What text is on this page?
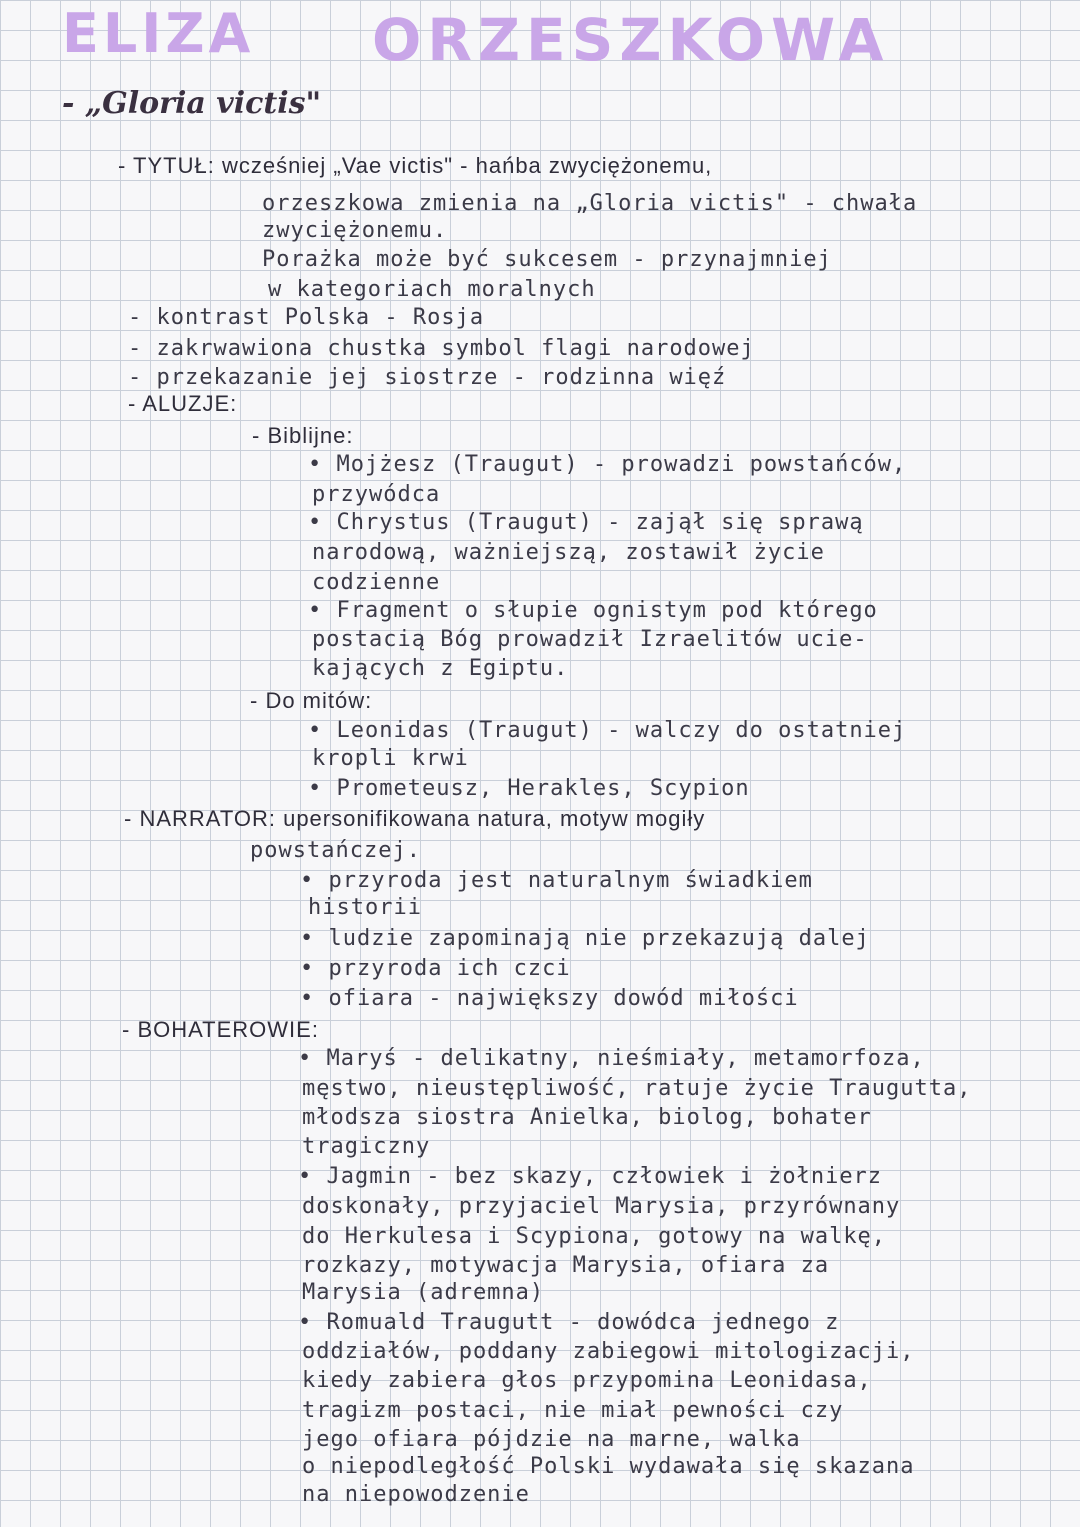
ELIZA ORZESZKOWA
- „Gloria victis"
- TYTUŁ: wcześniej „Vae victis" - hańba zwyciężonemu,
orzeszkowa zmienia na „Gloria victis" - chwała
zwyciężonemu.
Porażka może być sukcesem - przynajmniej
w kategoriach moralnych
- kontrast Polska - Rosja
- zakrwawiona chustka symbol flagi narodowej
- przekazanie jej siostrze - rodzinna więź
- ALUZJE:
- Biblijne:
• Mojżesz (Traugut) - prowadzi powstańców,
przywódca
• Chrystus (Traugut) - zajął się sprawą
narodową, ważniejszą, zostawił życie
codzienne
• Fragment o słupie ognistym pod którego
postacią Bóg prowadził Izraelitów ucie-
kających z Egiptu.
- Do mitów:
• Leonidas (Traugut) - walczy do ostatniej
kropli krwi
• Prometeusz, Herakles, Scypion
- NARRATOR: upersonifikowana natura, motyw mogiły
powstańczej.
• przyroda jest naturalnym świadkiem
historii
• ludzie zapominają nie przekazują dalej
• przyroda ich czci
• ofiara - największy dowód miłości
- BOHATEROWIE:
• Maryś - delikatny, nieśmiały, metamorfoza,
męstwo, nieustępliwość, ratuje życie Traugutta,
młodsza siostra Anielka, biolog, bohater
tragiczny
• Jagmin - bez skazy, człowiek i żołnierz
doskonały, przyjaciel Marysia, przyrównany
do Herkulesa i Scypiona, gotowy na walkę,
rozkazy, motywacja Marysia, ofiara za
Marysia (adremna)
• Romuald Traugutt - dowódca jednego z
oddziałów, poddany zabiegowi mitologizacji,
kiedy zabiera głos przypomina Leonidasa,
tragizm postaci, nie miał pewności czy
jego ofiara pójdzie na marne, walka
o niepodległość Polski wydawała się skazana
na niepowodzenie
